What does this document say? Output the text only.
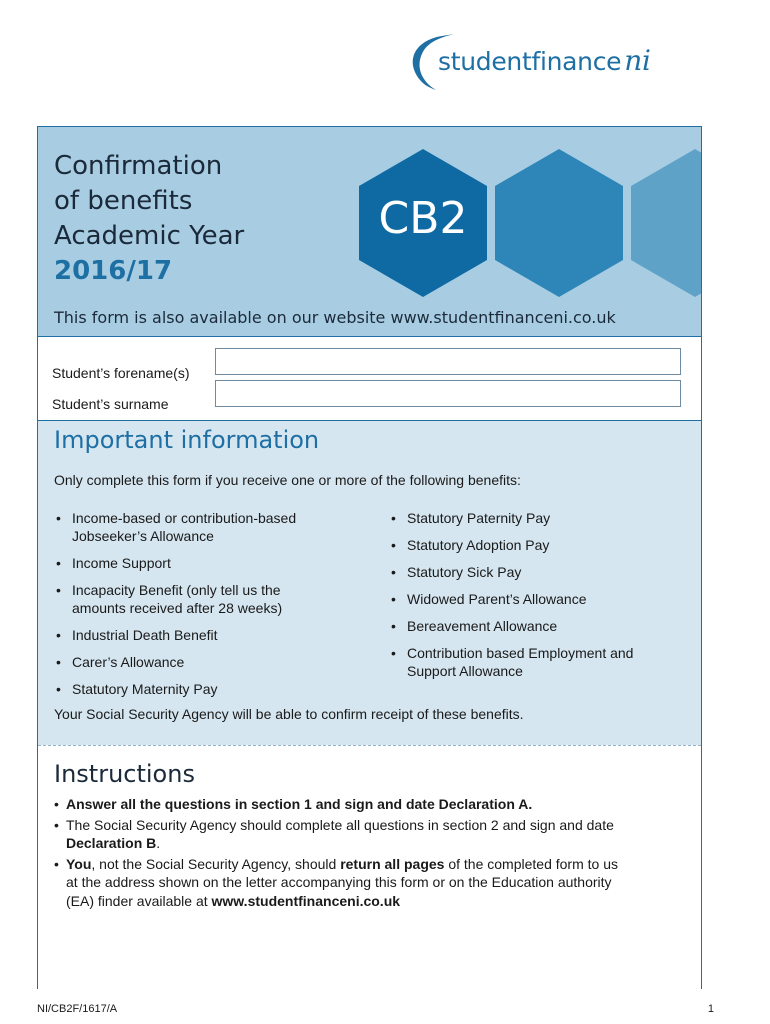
studentfinance ni
Confirmation
of benefits
Academic Year
2016/17
CB2
This form is also available on our website www.studentfinanceni.co.uk
Student’s forename(s)
Student’s surname
Important information
Only complete this form if you receive one or more of the following benefits:
• Income-based or contribution-based
Jobseeker’s Allowance
• Income Support
• Incapacity Benefit (only tell us the
amounts received after 28 weeks)
• Industrial Death Benefit
• Carer’s Allowance
• Statutory Maternity Pay
• Statutory Paternity Pay
• Statutory Adoption Pay
• Statutory Sick Pay
• Widowed Parent’s Allowance
• Bereavement Allowance
• Contribution based Employment and
Support Allowance
Your Social Security Agency will be able to confirm receipt of these benefits.
Instructions
• Answer all the questions in section 1 and sign and date Declaration A.
• The Social Security Agency should complete all questions in section 2 and sign and date
Declaration B.
• You, not the Social Security Agency, should return all pages of the completed form to us
at the address shown on the letter accompanying this form or on the Education authority
(EA) finder available at www.studentfinanceni.co.uk
NI/CB2F/1617/A	1
